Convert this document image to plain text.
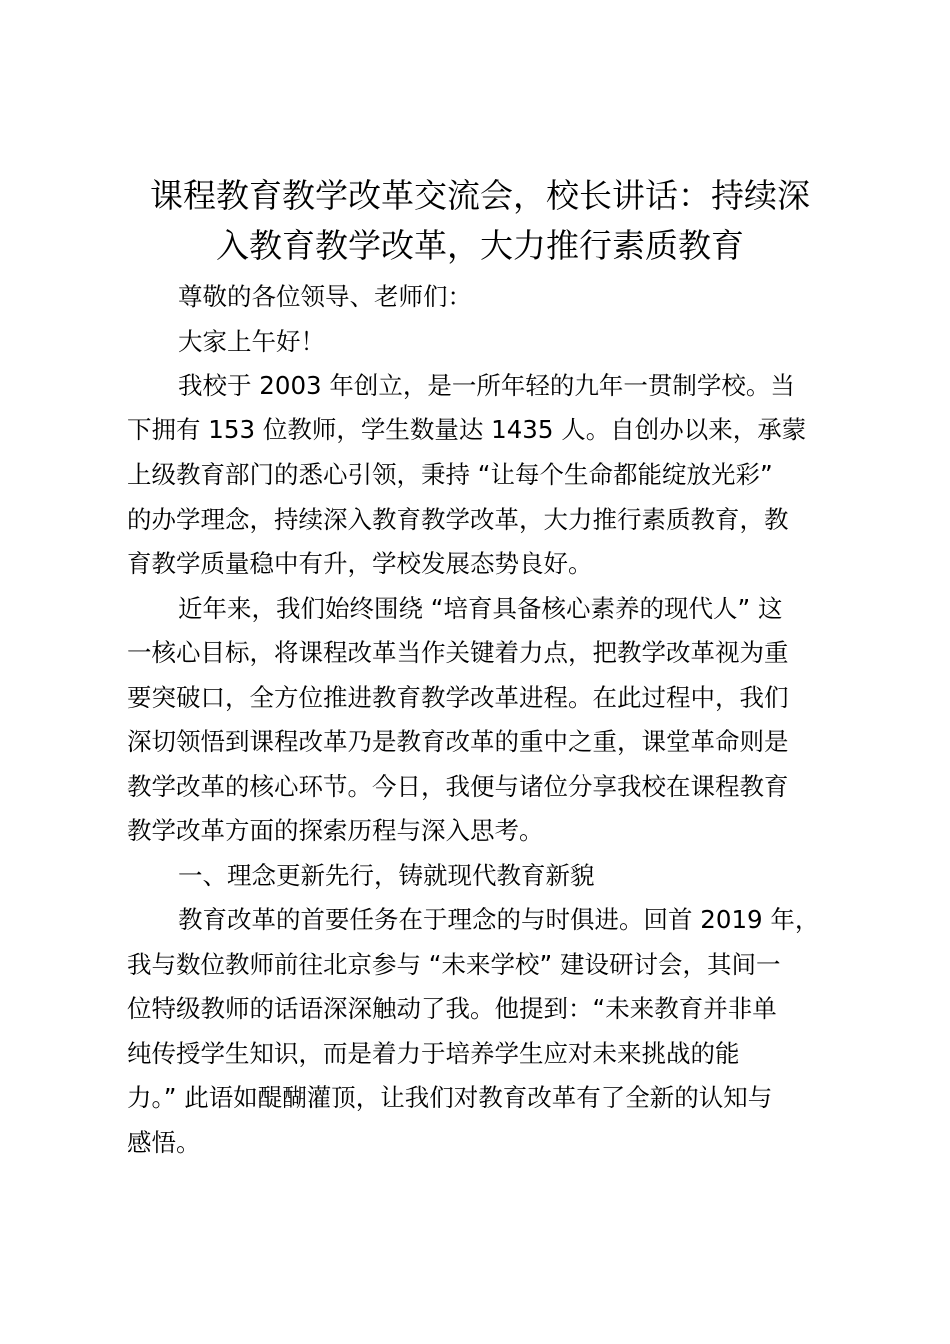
课程教育教学改革交流会，校长讲话：持续深
入教育教学改革，大力推行素质教育

尊敬的各位领导、老师们：

大家上午好！

我校于 2003 年创立，是一所年轻的九年一贯制学校。当

下拥有 153 位教师，学生数量达 1435 人。自创办以来，承蒙

上级教育部门的悉心引领，秉持 “让每个生命都能绽放光彩”

的办学理念，持续深入教育教学改革，大力推行素质教育，教

育教学质量稳中有升，学校发展态势良好。

近年来，我们始终围绕 “培育具备核心素养的现代人” 这

一核心目标，将课程改革当作关键着力点，把教学改革视为重

要突破口，全方位推进教育教学改革进程。在此过程中，我们

深切领悟到课程改革乃是教育改革的重中之重，课堂革命则是

教学改革的核心环节。今日，我便与诸位分享我校在课程教育

教学改革方面的探索历程与深入思考。

一、理念更新先行，铸就现代教育新貌

教育改革的首要任务在于理念的与时俱进。回首 2019 年，

我与数位教师前往北京参与 “未来学校” 建设研讨会，其间一

位特级教师的话语深深触动了我。他提到：“未来教育并非单

纯传授学生知识，而是着力于培养学生应对未来挑战的能

力。” 此语如醍醐灌顶，让我们对教育改革有了全新的认知与

感悟。
